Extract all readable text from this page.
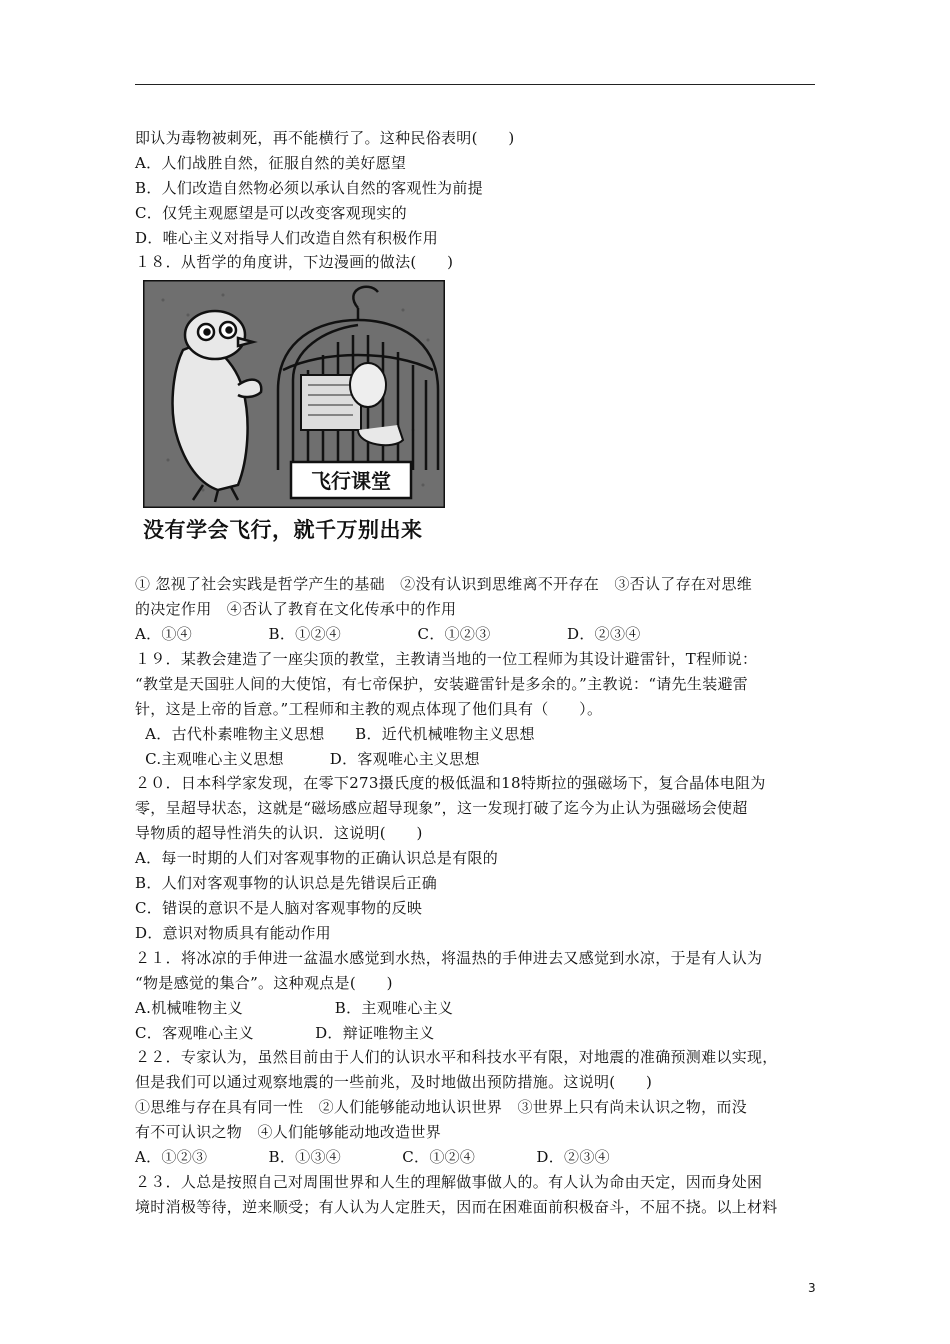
即认为毒物被刺死，再不能横行了。这种民俗表明(　　)
A．人们战胜自然，征服自然的美好愿望
B．人们改造自然物必须以承认自然的客观性为前提
C．仅凭主观愿望是可以改变客观现实的
D．唯心主义对指导人们改造自然有积极作用
１８．从哲学的角度讲，下边漫画的做法(　　)
飞行课堂
没有学会飞行，就千万别出来
① 忽视了社会实践是哲学产生的基础　②没有认识到思维离不开存在　③否认了存在对思维
的决定作用　④否认了教育在文化传承中的作用
A．①④　　　　　B．①②④　　　　　C．①②③　　　　　D．②③④
１９．某教会建造了一座尖顶的教堂，主教请当地的一位工程师为其设计避雷针，T程师说：
“教堂是天国驻人间的大使馆，有七帝保护，安装避雷针是多余的。”主教说：“请先生装避雷
针，这是上帝的旨意。”工程师和主教的观点体现了他们具有（　　）。
A．古代朴素唯物主义思想　　B．近代机械唯物主义思想
C.主观唯心主义思想　　　D．客观唯心主义思想
２０．日本科学家发现，在零下273摄氏度的极低温和18特斯拉的强磁场下，复合晶体电阻为
零，呈超导状态，这就是“磁场感应超导现象”，这一发现打破了迄今为止认为强磁场会使超
导物质的超导性消失的认识．这说明(　　)
A．每一时期的人们对客观事物的正确认识总是有限的
B．人们对客观事物的认识总是先错误后正确
C．错误的意识不是人脑对客观事物的反映
D．意识对物质具有能动作用
２１．将冰凉的手伸进一盆温水感觉到水热，将温热的手伸进去又感觉到水凉，于是有人认为
“物是感觉的集合”。这种观点是(　　)
A.机械唯物主义　　　　　　B．主观唯心主义
C．客观唯心主义　　　　D．辩证唯物主义
２２．专家认为，虽然目前由于人们的认识水平和科技水平有限，对地震的准确预测难以实现，
但是我们可以通过观察地震的一些前兆，及时地做出预防措施。这说明(　　)
①思维与存在具有同一性　②人们能够能动地认识世界　③世界上只有尚未认识之物，而没
有不可认识之物　④人们能够能动地改造世界
A．①②③　　　　B．①③④　　　　C．①②④　　　　D．②③④
２３．人总是按照自己对周围世界和人生的理解做事做人的。有人认为命由天定，因而身处困
境时消极等待，逆来顺受；有人认为人定胜天，因而在困难面前积极奋斗，不屈不挠。以上材料
3
